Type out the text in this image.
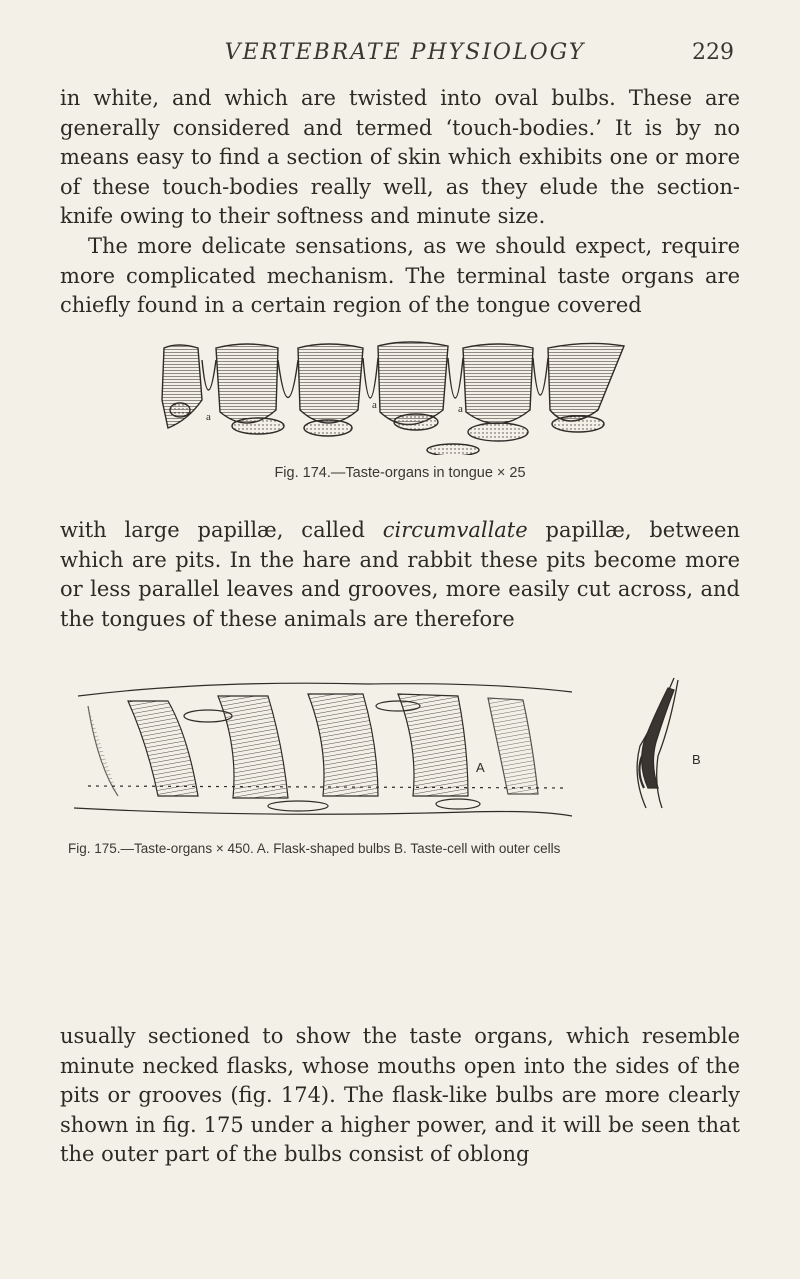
VERTEBRATE PHYSIOLOGY	229

in white, and which are twisted into oval bulbs. These are generally considered and termed ‘touch-bodies.’ It is by no means easy to find a section of skin which exhibits one or more of these touch-bodies really well, as they elude the section-knife owing to their softness and minute size.

The more delicate sensations, as we should expect, require more complicated mechanism. The terminal taste organs are chiefly found in a certain region of the tongue covered

a
a	a
Fig. 174.—Taste-organs in tongue × 25

with large papillæ, called circumvallate papillæ, between which are pits. In the hare and rabbit these pits become more or less parallel leaves and grooves, more easily cut across, and the tongues of these animals are therefore

A
B
Fig. 175.—Taste-organs × 450. A. Flask-shaped bulbs B. Taste-cell with outer cells

usually sectioned to show the taste organs, which resemble minute necked flasks, whose mouths open into the sides of the pits or grooves (fig. 174). The flask-like bulbs are more clearly shown in fig. 175 under a higher power, and it will be seen that the outer part of the bulbs consist of oblong
